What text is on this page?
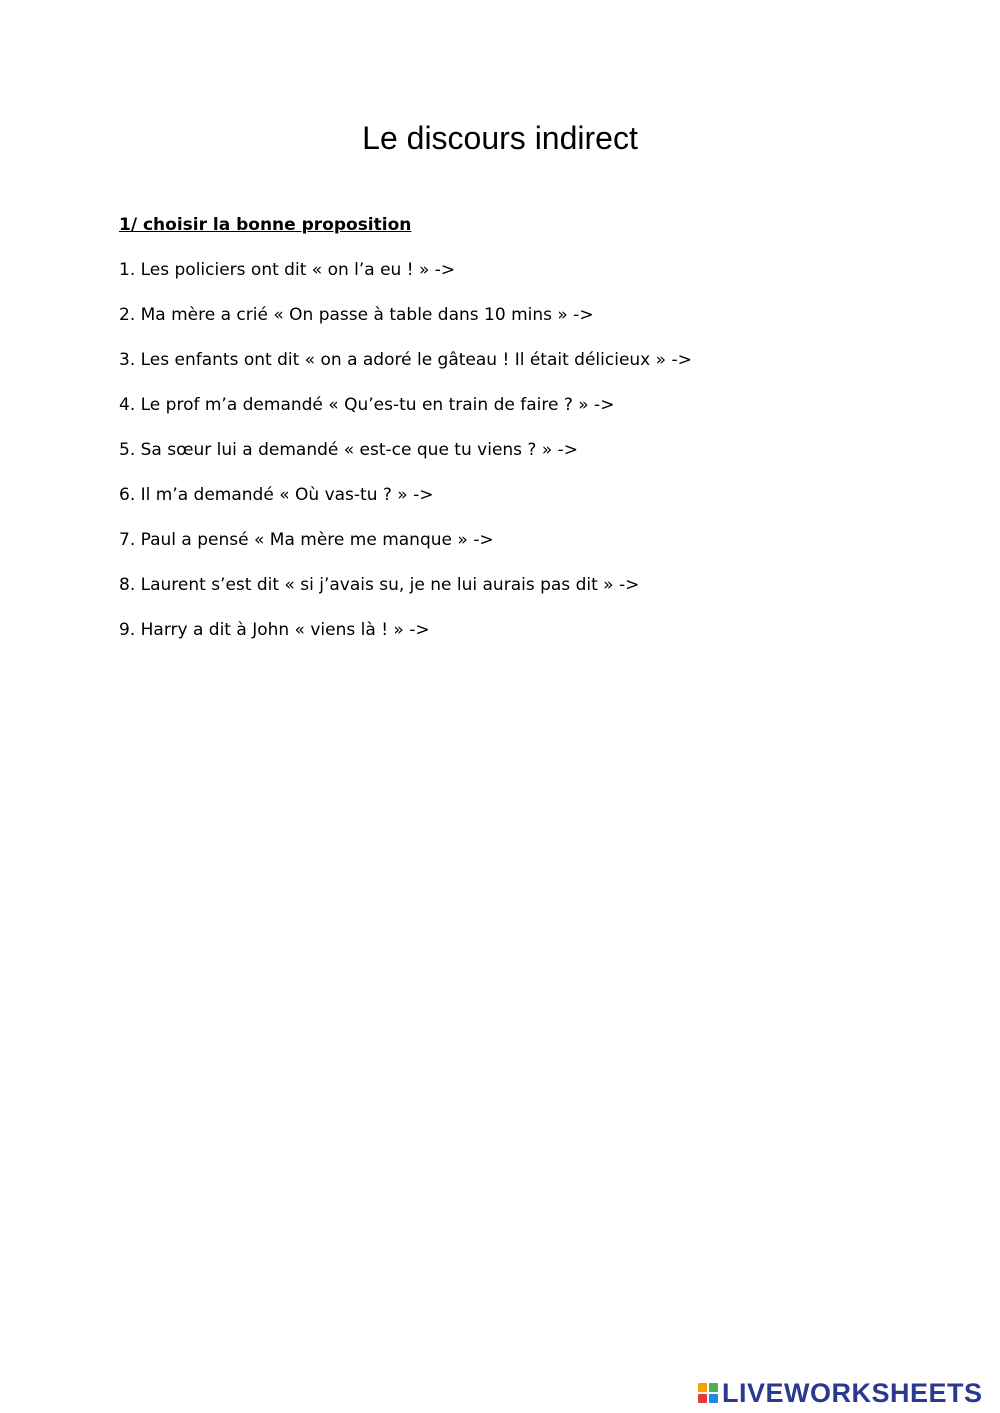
Le discours indirect

1/ choisir la bonne proposition

1. Les policiers ont dit « on l’a eu ! » ->
2. Ma mère a crié « On passe à table dans 10 mins » ->
3. Les enfants ont dit « on a adoré le gâteau ! Il était délicieux » ->
4. Le prof m’a demandé « Qu’es-tu en train de faire ? » ->
5. Sa sœur lui a demandé « est-ce que tu viens ? » ->
6. Il m’a demandé « Où vas-tu ? » ->
7. Paul a pensé « Ma mère me manque » ->
8. Laurent s’est dit « si j’avais su, je ne lui aurais pas dit » ->
9. Harry a dit à John « viens là ! » ->
LIVEWORKSHEETS
